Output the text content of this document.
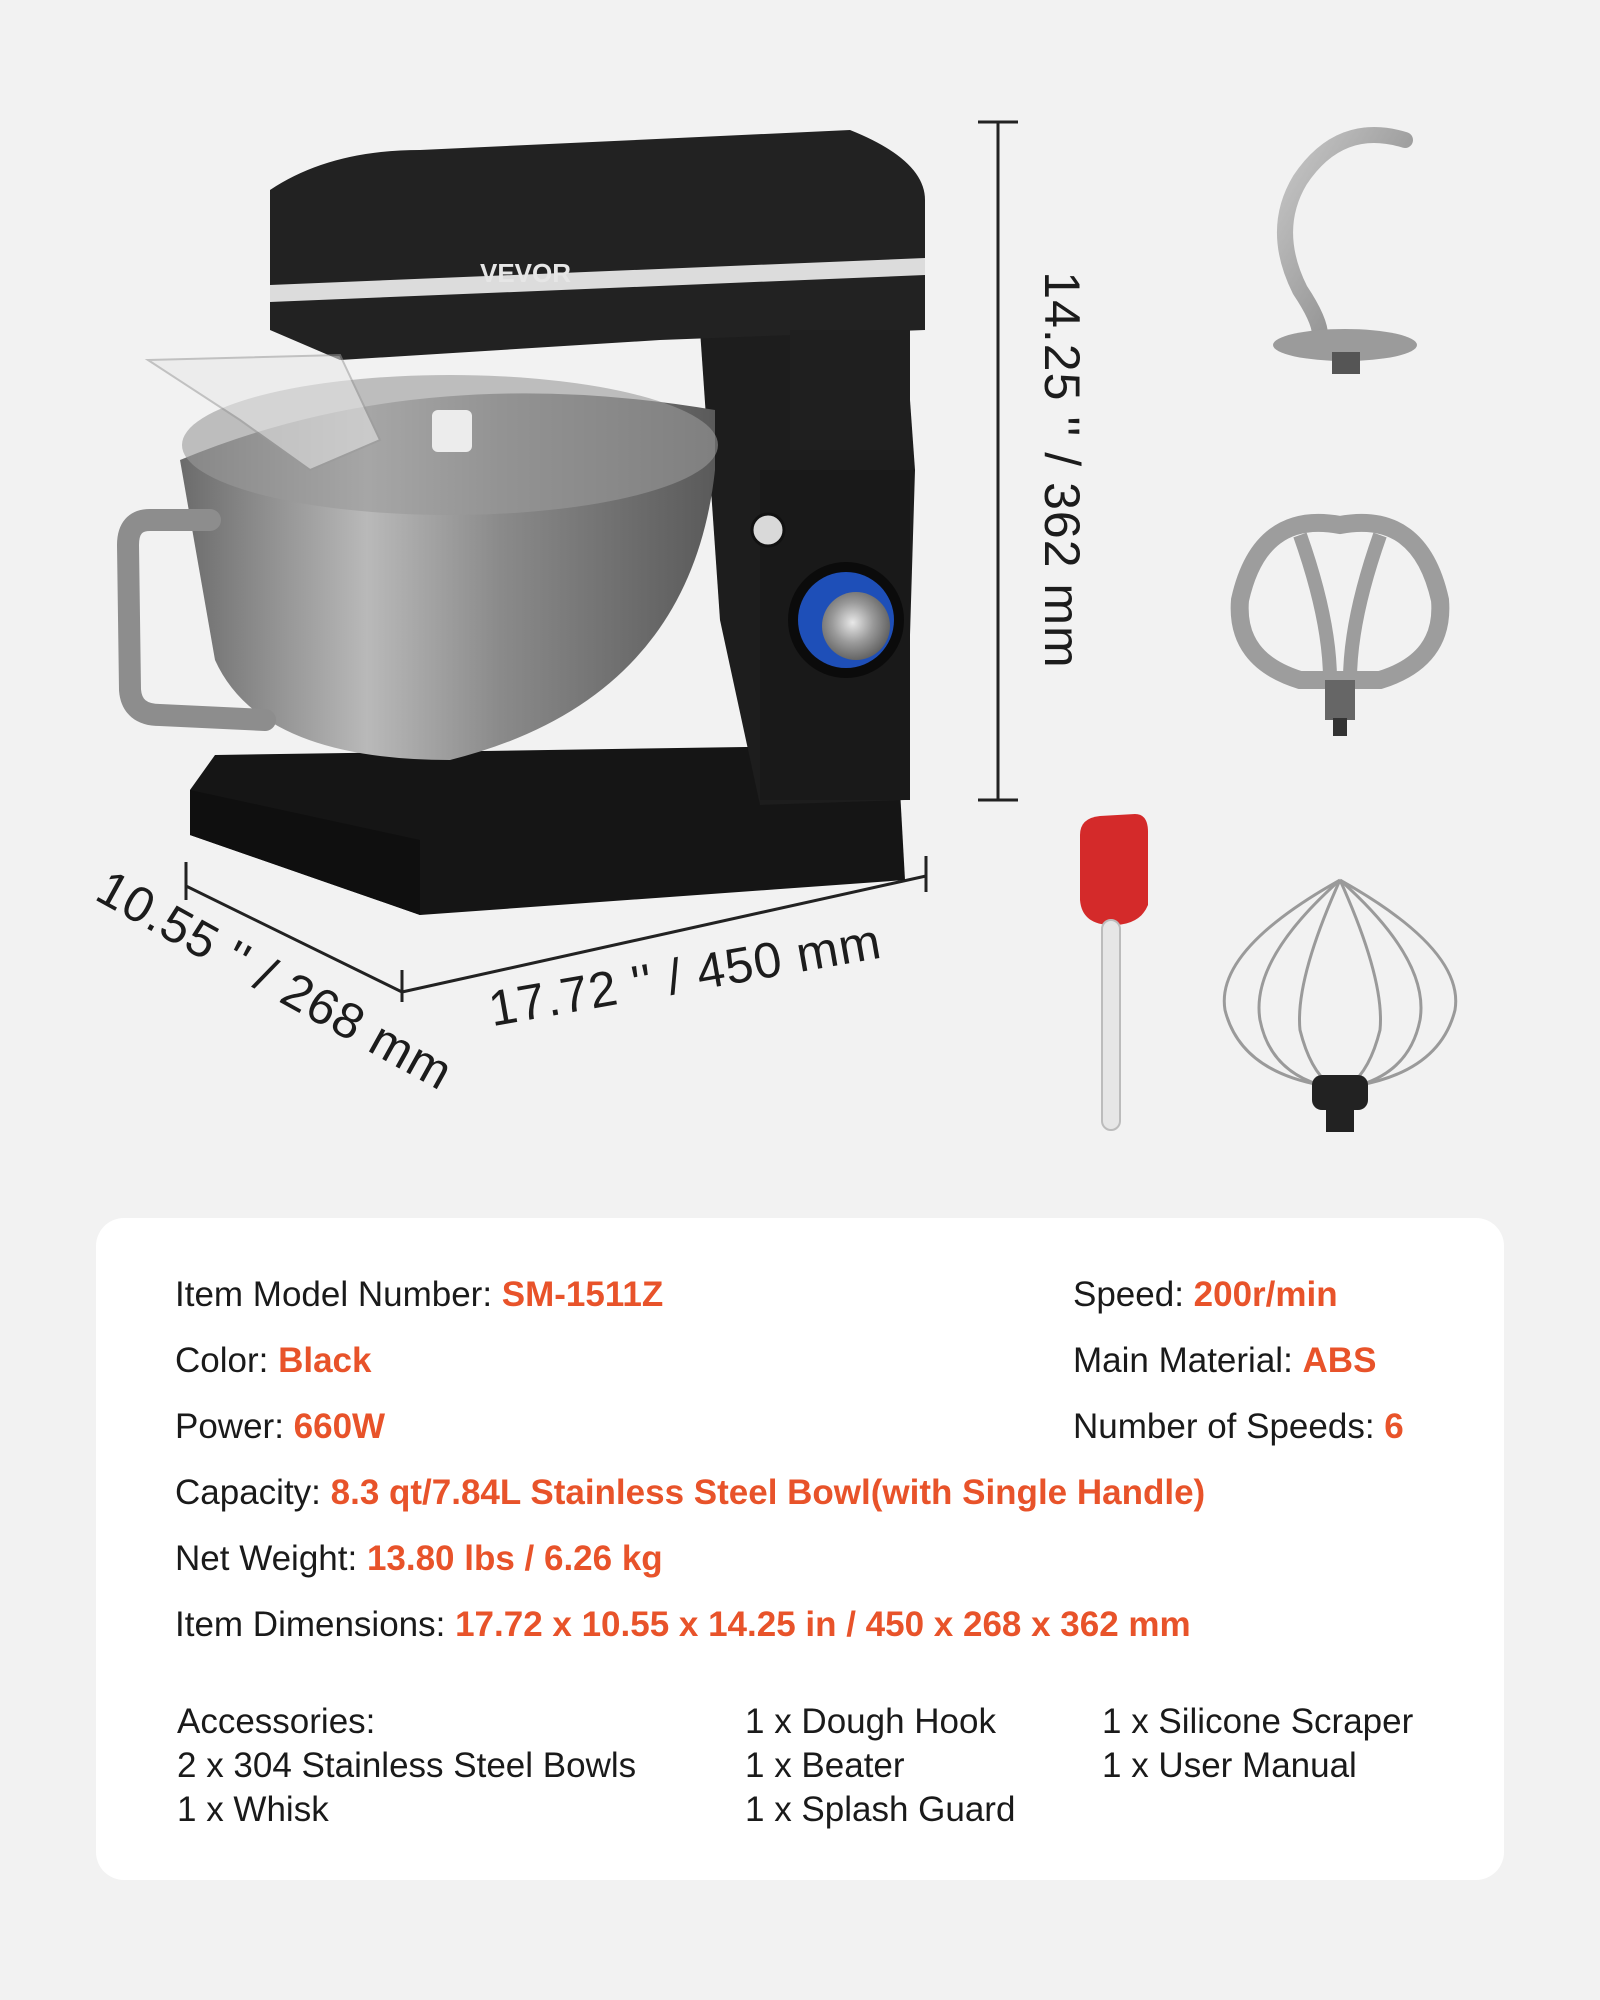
VEVOR	14.25 '' / 362 mm
17.72 '' / 450 mm
10.55 '' / 268 mm
Item Model Number: SM-1511Z
Color: Black
Power: 660W
Capacity: 8.3 qt/7.84L Stainless Steel Bowl(with Single Handle)
Net Weight: 13.80 lbs / 6.26 kg
Item Dimensions: 17.72 x 10.55 x 14.25 in / 450 x 268 x 362 mm
Speed: 200r/min
Main Material: ABS
Number of Speeds: 6
Accessories:
2 x 304 Stainless Steel Bowls
1 x Whisk
1 x Dough Hook
1 x Beater
1 x Splash Guard
1 x Silicone Scraper
1 x User Manual
